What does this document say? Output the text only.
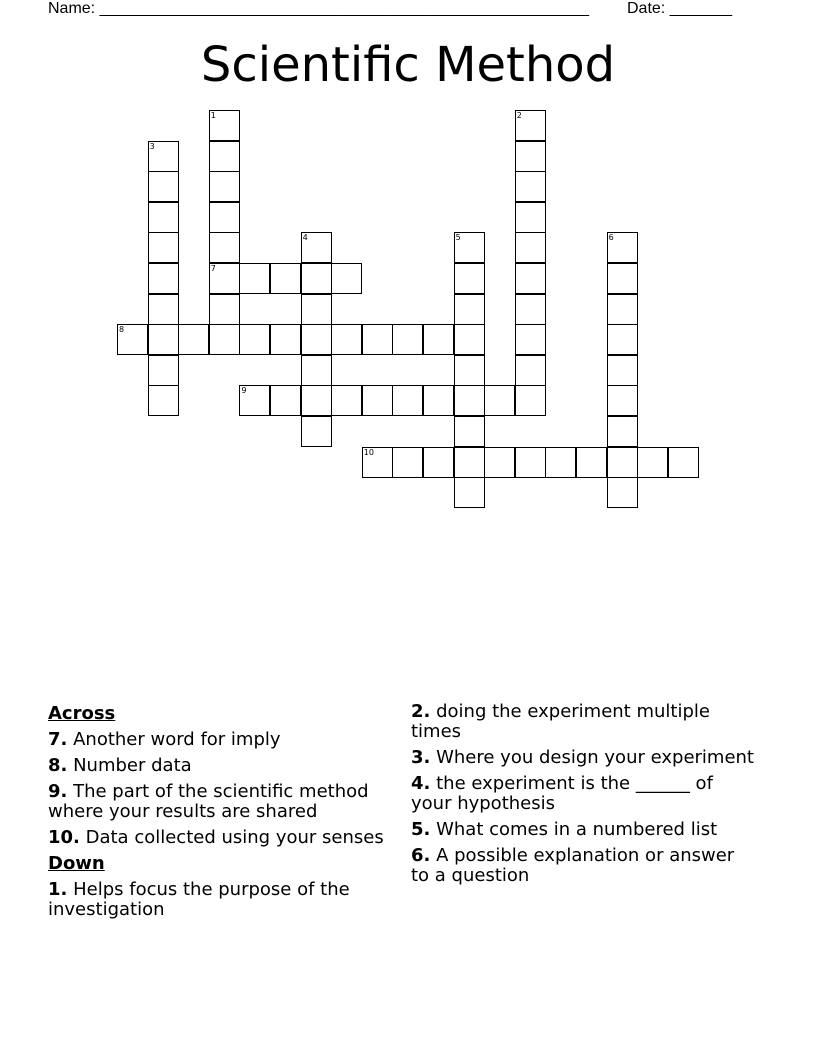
Name: _______________________________________________________ Date: _______
Scientific Method
1
7
2
3
4	5	6
8
9
10
Across
7. Another word for imply
8. Number data
9. The part of the scientific method where your results are shared
10. Data collected using your senses
Down
1. Helps focus the purpose of the investigation
2. doing the experiment multiple times
3. Where you design your experiment
4. the experiment is the ______ of your hypothesis
5. What comes in a numbered list
6. A possible explanation or answer to a question
